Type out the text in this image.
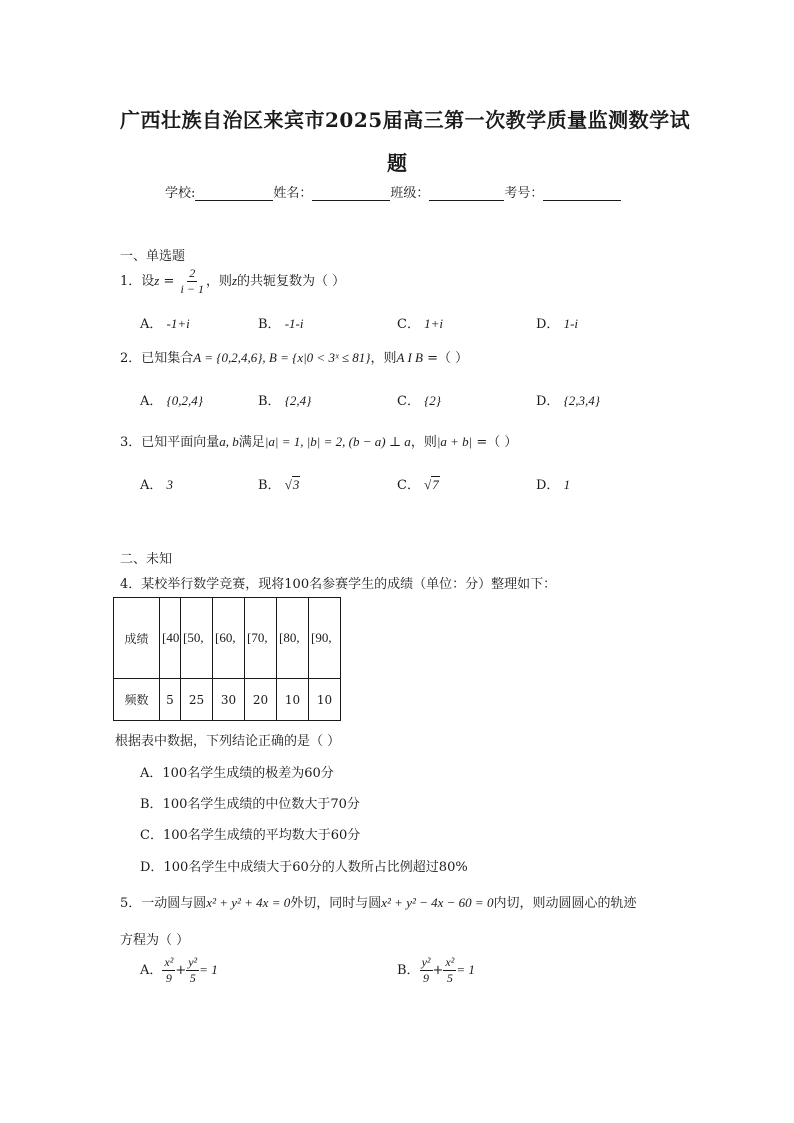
广西壮族自治区来宾市2025届高三第一次教学质量监测数学试
题
学校:	姓名：	班级：	考号：
一、单选题
1．设$z = \frac{2}{i - 1}$ ，则z的共轭复数为（ ）
A． -1+i	B． -1-i	C． 1+i	D． 1-i
2．已知集合A = {0,2,4,6}, B = {x|0 < 3ˣ ≤ 81}，则A I B =（ ）
A． {0,2,4}	B． {2,4}	C． {2}	D． {2,3,4}
3．已知平面向量a, b满足|a| = 1, |b| = 2, (b − a) ⊥ a，则|a + b| =（ ）
A． 3	B． √3	C． √7	D． 1
二、未知
4．某校举行数学竞赛，现将100名参赛学生的成绩（单位：分）整理如下：
成绩	[40	[50,	[60,	[70,	[80,	[90,

频数	5	25	30	20	10	10
根据表中数据，下列结论正确的是（ ）
A．100名学生成绩的极差为60分
B．100名学生成绩的中位数大于70分
C．100名学生成绩的平均数大于60分
D．100名学生中成绩大于60分的人数所占比例超过80%
5．一动圆与圆x² + y² + 4x = 0外切，同时与圆x² + y² − 4x − 60 = 0内切，则动圆圆心的轨迹
方程为（ ）
A． $\frac{\text{x²}}{9} + \frac{\text{y²}}{5} = 1$	B． $\frac{\text{y²}}{9} + \frac{\text{x²}}{5} = 1$
